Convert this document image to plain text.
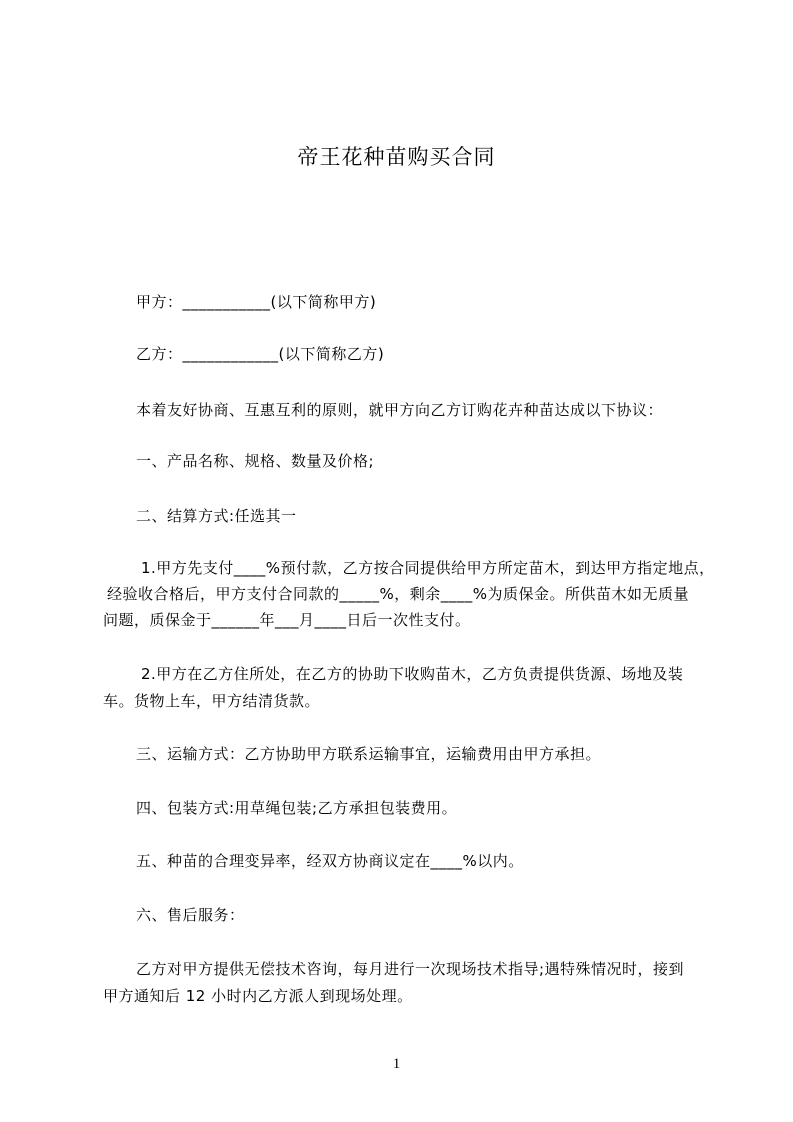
帝王花种苗购买合同
甲方：___________(以下简称甲方)
乙方：____________(以下简称乙方)
本着友好协商、互惠互利的原则，就甲方向乙方订购花卉种苗达成以下协议：
一、产品名称、规格、数量及价格;
二、结算方式:任选其一
1.甲方先支付____%预付款，乙方按合同提供给甲方所定苗木，到达甲方指定地点，
经验收合格后，甲方支付合同款的_____%，剩余____%为质保金。所供苗木如无质量
问题，质保金于______年___月____日后一次性支付。
2.甲方在乙方住所处，在乙方的协助下收购苗木，乙方负责提供货源、场地及装
车。货物上车，甲方结清货款。
三、运输方式：乙方协助甲方联系运输事宜，运输费用由甲方承担。
四、包装方式:用草绳包装;乙方承担包装费用。
五、种苗的合理变异率，经双方协商议定在____%以内。
六、售后服务：
乙方对甲方提供无偿技术咨询，每月进行一次现场技术指导;遇特殊情况时，接到
甲方通知后 12 小时内乙方派人到现场处理。
1
